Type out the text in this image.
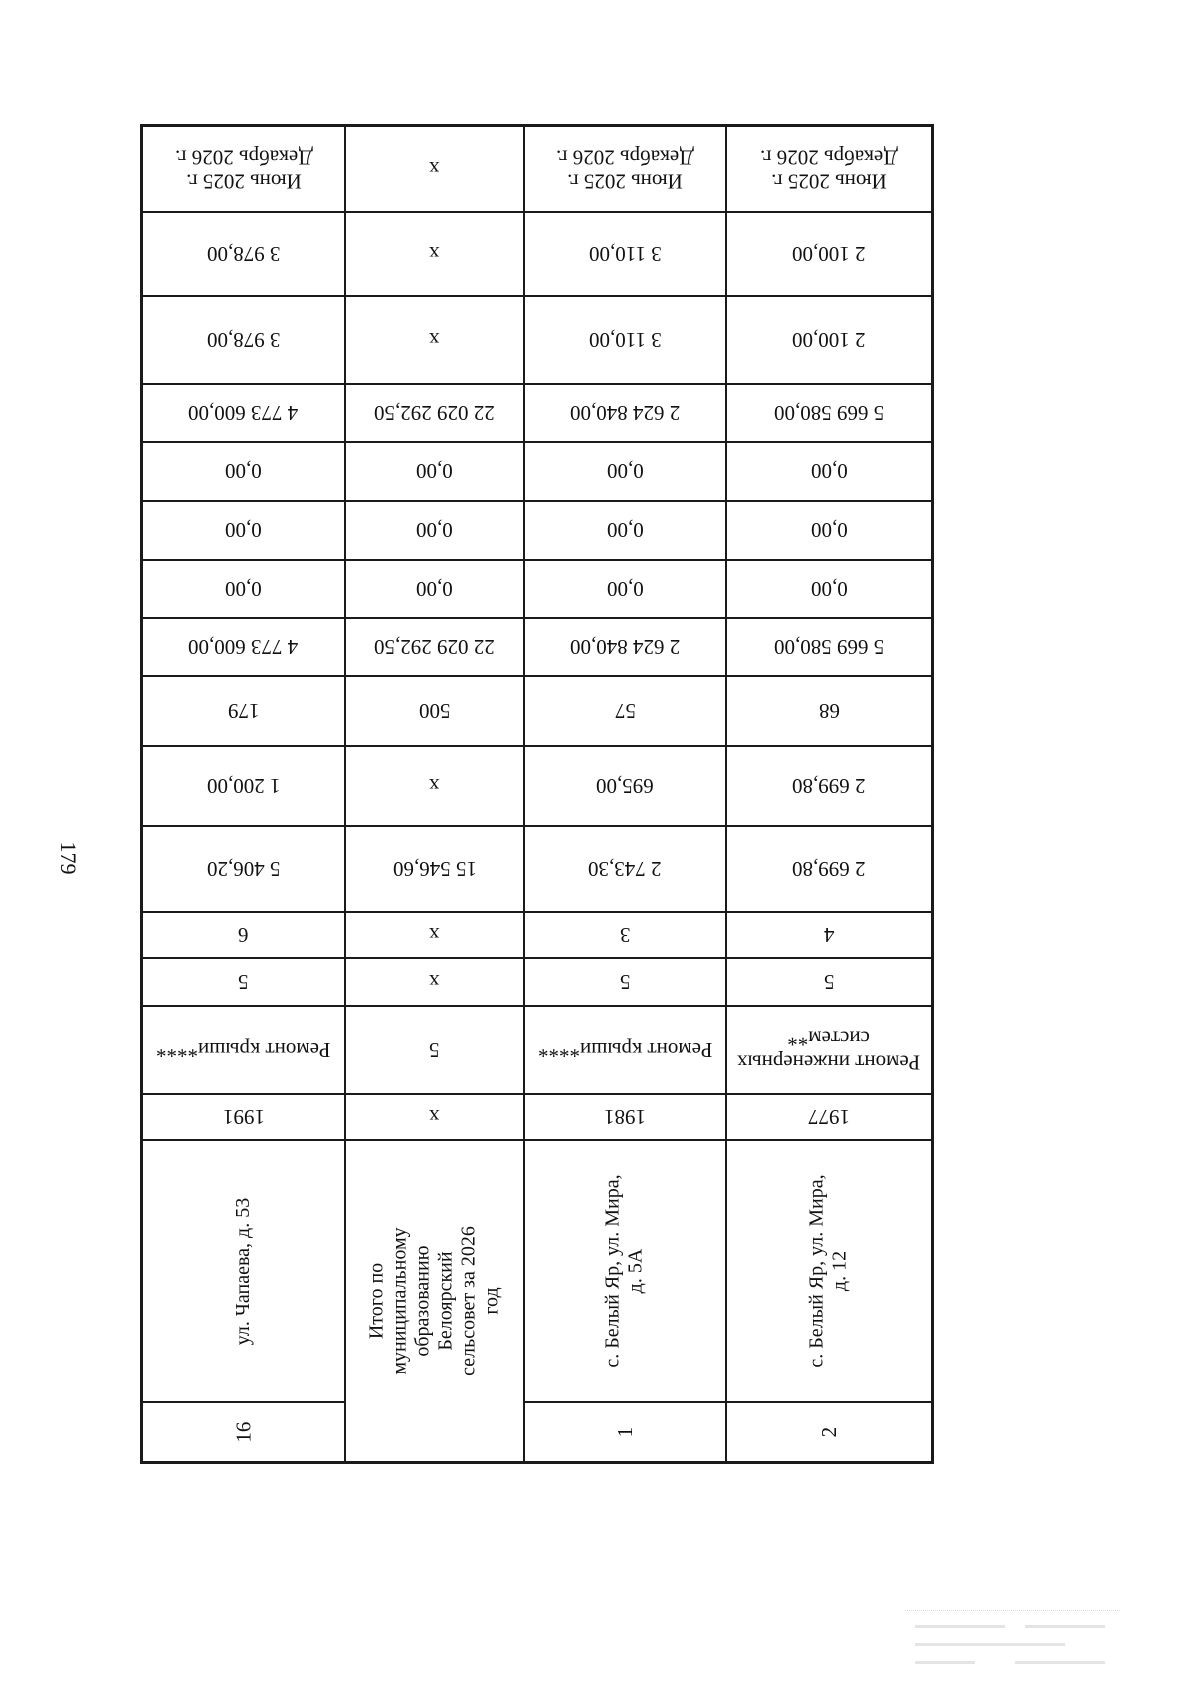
179
Июнь 2025 г.
Декабрь 2026 г.
3 978,00
3 978,00
4 773 600,00
0,00
0,00
0,00
4 773 600,00
179
1 200,00
5 406,20
6
5
Ремонт крыши****
1991
ул. Чапаева, д. 53
16
х
х
х
22 029 292,50
0,00
0,00
0,00
22 029 292,50
500
х
15 546,60
х
х
5
х
Итого по муниципальному
образованию Белоярский
сельсовет за 2026 год
Июнь 2025 г.
Декабрь 2026 г.
3 110,00
3 110,00
2 624 840,00
0,00
0,00
0,00
2 624 840,00
57
695,00
2 743,30
3
5
Ремонт крыши****
1981
с. Белый Яр, ул. Мира,
д. 5А
1
Июнь 2025 г.
Декабрь 2026 г.
2 100,00
2 100,00
5 669 580,00
0,00
0,00
0,00
5 669 580,00
68
2 699,80
2 699,80
4
5
Ремонт инженерных
систем**
1977
с. Белый Яр, ул. Мира,
д. 12
2
